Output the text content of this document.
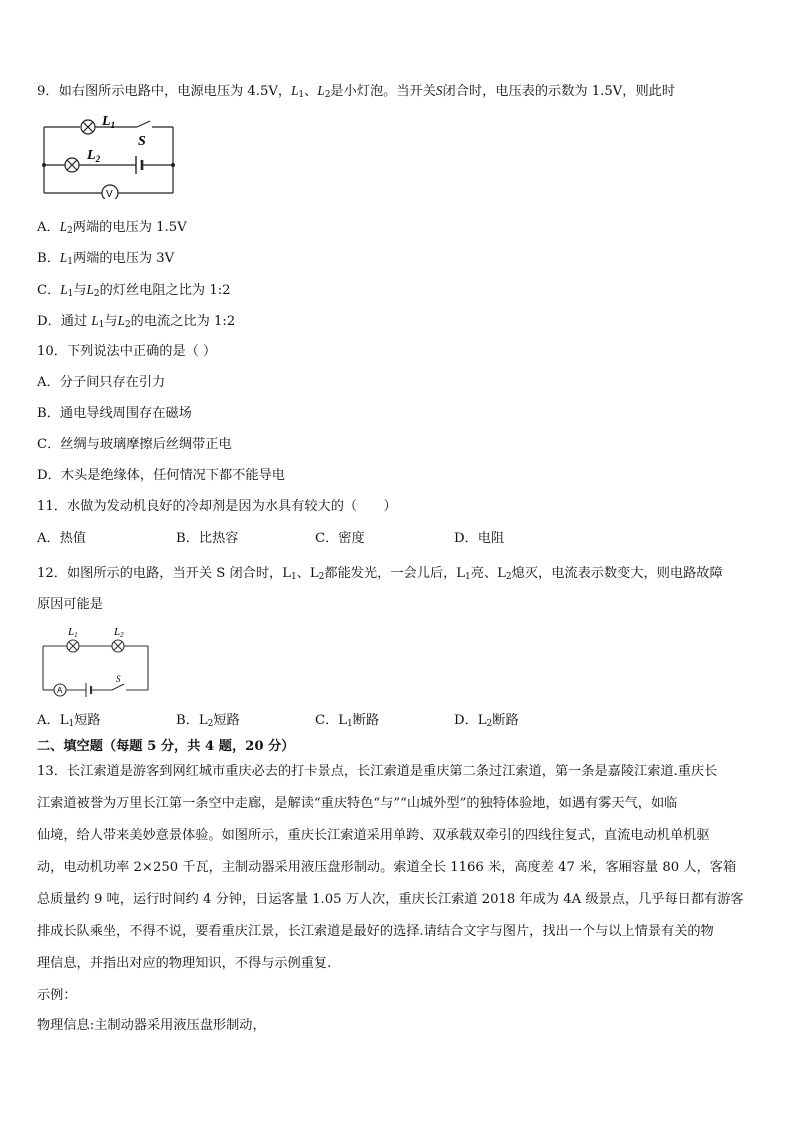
9．如右图所示电路中，电源电压为 4.5V，$L_1$、$L_2$是小灯泡。当开关S闭合时，电压表的示数为 1.5V，则此时
$L_1$
S
$L_2$
V
A．$L_2$两端的电压为 1.5V
B．$L_1$两端的电压为 3V
C．$L_1$与$L_2$的灯丝电阻之比为 1:2
D．通过 $L_1$与$L_2$的电流之比为 1:2
10．下列说法中正确的是（ ）
A．分子间只存在引力
B．通电导线周围存在磁场
C．丝绸与玻璃摩擦后丝绸带正电
D．木头是绝缘体，任何情况下都不能导电
11．水做为发动机良好的冷却剂是因为水具有较大的（　　）
A．热值	B．比热容	C．密度	D．电阻
12．如图所示的电路，当开关 S 闭合时，$L_1$、$L_2$都能发光，一会儿后，$L_1$亮、$L_2$熄灭，电流表示数变大，则电路故障
原因可能是
L1	L2
A
S
A．$L_1$短路	B．$L_2$短路	C．$L_1$断路	D．$L_2$断路
二、填空题（每题 5 分，共 4 题，20 分）
13．长江索道是游客到网红城市重庆必去的打卡景点，长江索道是重庆第二条过江索道，第一条是嘉陵江索道.重庆长
江索道被誉为万里长江第一条空中走廊，是解读“重庆特色“与”“山城外型”的独特体验地，如遇有雾天气，如临
仙境，给人带来美妙意景体验。如图所示，重庆长江索道采用单跨、双承载双牵引的四线往复式，直流电动机单机驱
动，电动机功率 2×250 千瓦，主制动器采用液压盘形制动。索道全长 1166 米，高度差 47 米，客厢容量 80 人，客箱
总质量约 9 吨，运行时间约 4 分钟，日运客量 1.05 万人次，重庆长江索道 2018 年成为 4A 级景点，几乎每日都有游客
排成长队乘坐，不得不说，要看重庆江景，长江索道是最好的选择.请结合文字与图片，找出一个与以上情景有关的物
理信息，并指出对应的物理知识，不得与示例重复.
示例：
物理信息:主制动器采用液压盘形制动，
